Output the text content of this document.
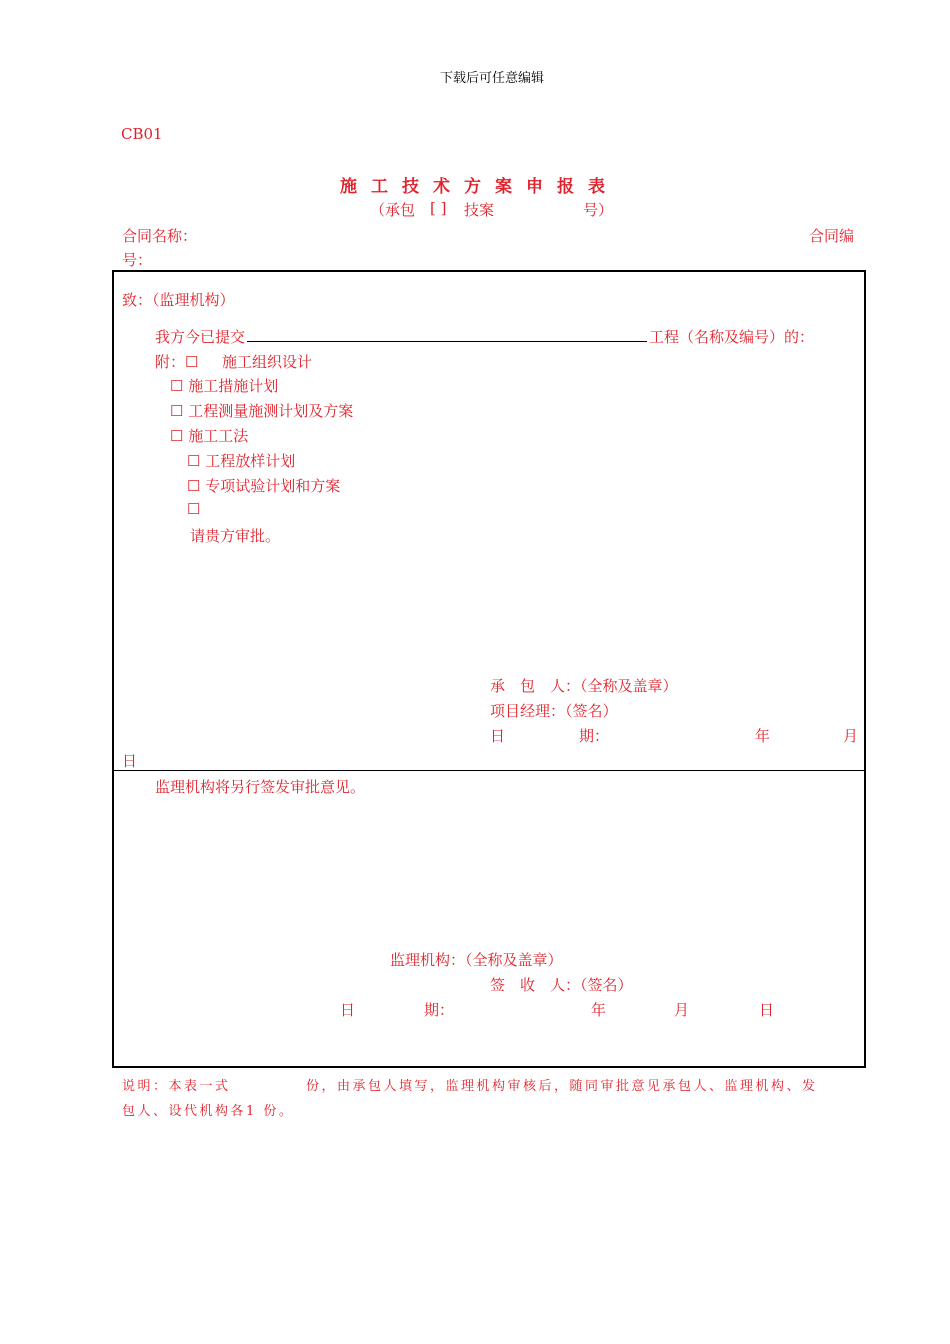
下载后可任意编辑
CB01
施工技术方案申报表
（承包 [ ] 技案	号）
合同名称：	合同编
号：
致：（监理机构）
我方今已提交	工程（名称及编号）的：
附：☐ 施工组织设计
☐ 施工措施计划
☐ 工程测量施测计划及方案
☐ 施工工法
☐ 工程放样计划
☐ 专项试验计划和方案
☐
请贵方审批。
承　包　人：（全称及盖章）
项目经理：（签名）
日	期：	年	月
日
监理机构将另行签发审批意见。
监理机构：（全称及盖章）
签　收　人：（签名）
日	期：	年	月	日
说明：本表一式	份，由承包人填写，监理机构审核后，随同审批意见承包人、监理机构、发
包人、设代机构各1 份。
